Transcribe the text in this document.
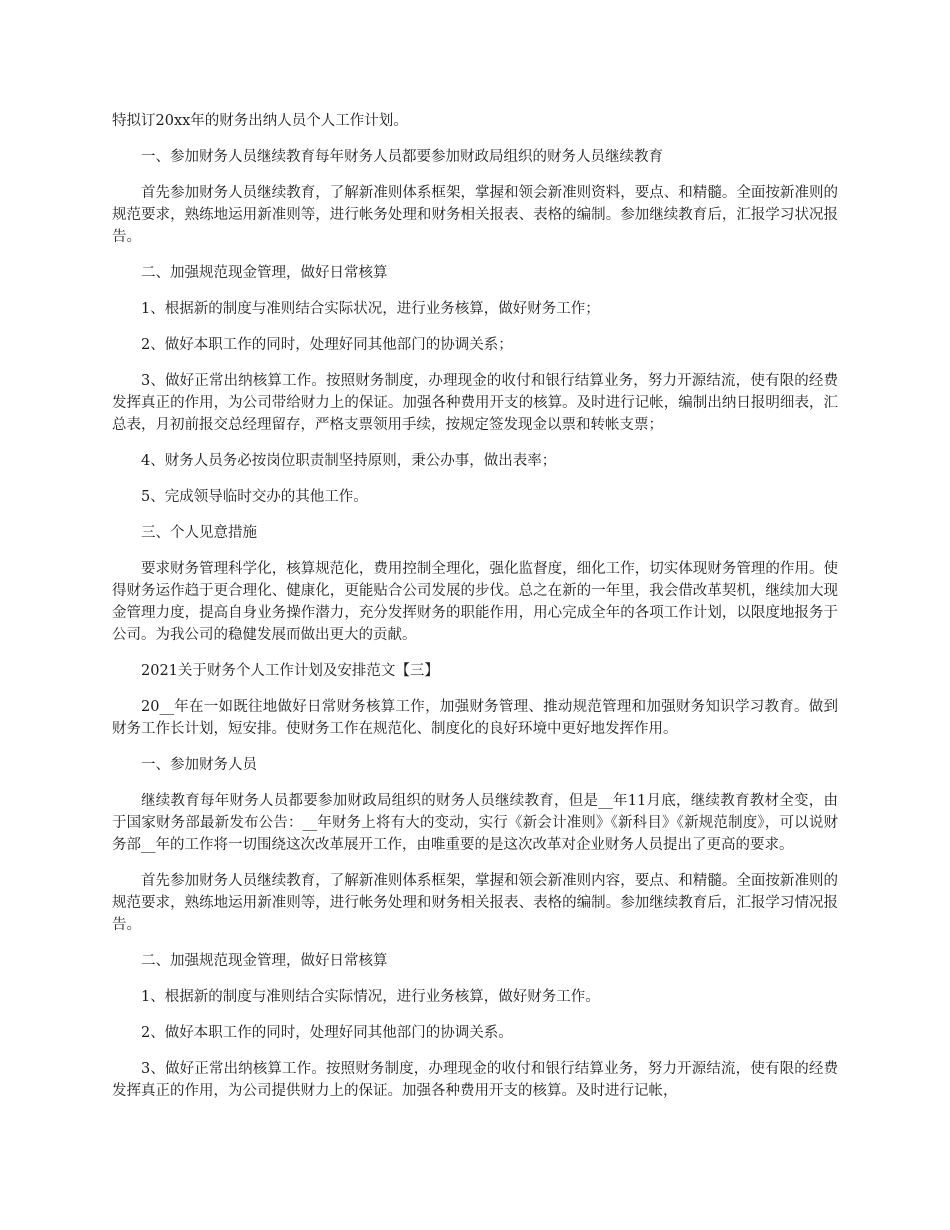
特拟订20xx年的财务出纳人员个人工作计划。

一、参加财务人员继续教育每年财务人员都要参加财政局组织的财务人员继续教育

首先参加财务人员继续教育，了解新准则体系框架，掌握和领会新准则资料，要点、和精髓。全面按新准则的规范要求，熟练地运用新准则等，进行帐务处理和财务相关报表、表格的编制。参加继续教育后，汇报学习状况报告。

二、加强规范现金管理，做好日常核算

1、根据新的制度与准则结合实际状况，进行业务核算，做好财务工作；

2、做好本职工作的同时，处理好同其他部门的协调关系；

3、做好正常出纳核算工作。按照财务制度，办理现金的收付和银行结算业务，努力开源结流，使有限的经费发挥真正的作用，为公司带给财力上的保证。加强各种费用开支的核算。及时进行记帐，编制出纳日报明细表，汇总表，月初前报交总经理留存，严格支票领用手续，按规定签发现金以票和转帐支票；

4、财务人员务必按岗位职责制坚持原则，秉公办事，做出表率；

5、完成领导临时交办的其他工作。

三、个人见意措施

要求财务管理科学化，核算规范化，费用控制全理化，强化监督度，细化工作，切实体现财务管理的作用。使得财务运作趋于更合理化、健康化，更能贴合公司发展的步伐。总之在新的一年里，我会借改革契机，继续加大现金管理力度，提高自身业务操作潜力，充分发挥财务的职能作用，用心完成全年的各项工作计划，以限度地报务于公司。为我公司的稳健发展而做出更大的贡献。

2021关于财务个人工作计划及安排范文【三】

20__年在一如既往地做好日常财务核算工作，加强财务管理、推动规范管理和加强财务知识学习教育。做到财务工作长计划，短安排。使财务工作在规范化、制度化的良好环境中更好地发挥作用。

一、参加财务人员

继续教育每年财务人员都要参加财政局组织的财务人员继续教育，但是__年11月底，继续教育教材全变，由于国家财务部最新发布公告：__年财务上将有大的变动，实行《新会计准则》《新科目》《新规范制度》，可以说财务部__年的工作将一切围绕这次改革展开工作，由唯重要的是这次改革对企业财务人员提出了更高的要求。

首先参加财务人员继续教育，了解新准则体系框架，掌握和领会新准则内容，要点、和精髓。全面按新准则的规范要求，熟练地运用新准则等，进行帐务处理和财务相关报表、表格的编制。参加继续教育后，汇报学习情况报告。

二、加强规范现金管理，做好日常核算

1、根据新的制度与准则结合实际情况，进行业务核算，做好财务工作。

2、做好本职工作的同时，处理好同其他部门的协调关系。

3、做好正常出纳核算工作。按照财务制度，办理现金的收付和银行结算业务，努力开源结流，使有限的经费发挥真正的作用，为公司提供财力上的保证。加强各种费用开支的核算。及时进行记帐，
